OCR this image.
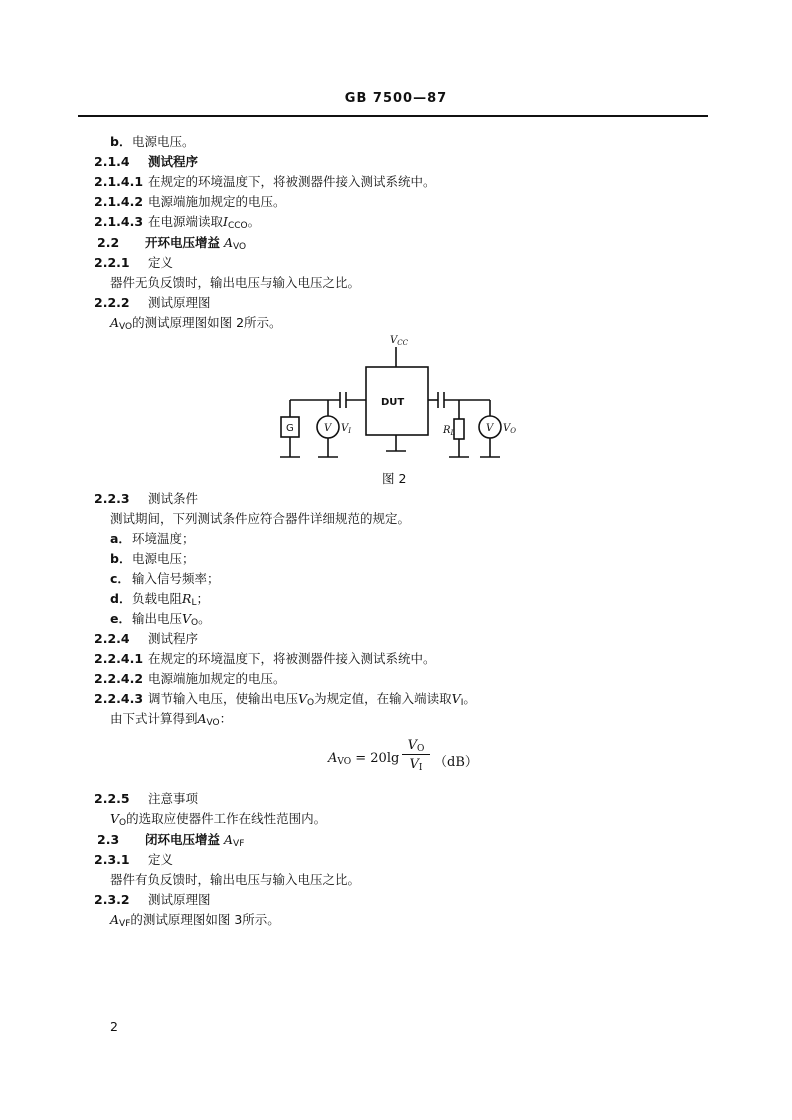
GB 7500—87
b．电源电压。
2.1.4 测试程序
2.1.4.1 在规定的环境温度下，将被测器件接入测试系统中。
2.1.4.2 电源端施加规定的电压。
2.1.4.3 在电源端读取$I_{CCO}$。
2.2 开环电压增益 $A_{VO}$
2.2.1 定义
器件无负反馈时，输出电压与输入电压之比。
2.2.2 测试原理图
$A_{VO}$的测试原理图如图 2所示。
$V_{CC}$
DUT
G	V $V_I$	$R_L$	V $V_O$
图 2
2.2.3 测试条件
测试期间，下列测试条件应符合器件详细规范的规定。
a．环境温度；
b．电源电压；
c． 输入信号频率；
d．负载电阻$R_L$；
e．输出电压$V_O$。
2.2.4 测试程序
2.2.4.1 在规定的环境温度下，将被测器件接入测试系统中。
2.2.4.2 电源端施加规定的电压。
2.2.4.3 调节输入电压，使输出电压$V_O$为规定值，在输入端读取$V_I$。
由下式计算得到$A_{VO}$：
$A_{VO} = 20\lg \frac{V_O}{V_I} (dB)$
2.2.5 注意事项
$V_O$的选取应使器件工作在线性范围内。
2.3 闭环电压增益 $A_{VF}$
2.3.1 定义
器件有负反馈时，输出电压与输入电压之比。
2.3.2 测试原理图
$A_{VF}$的测试原理图如图 3所示。
2
